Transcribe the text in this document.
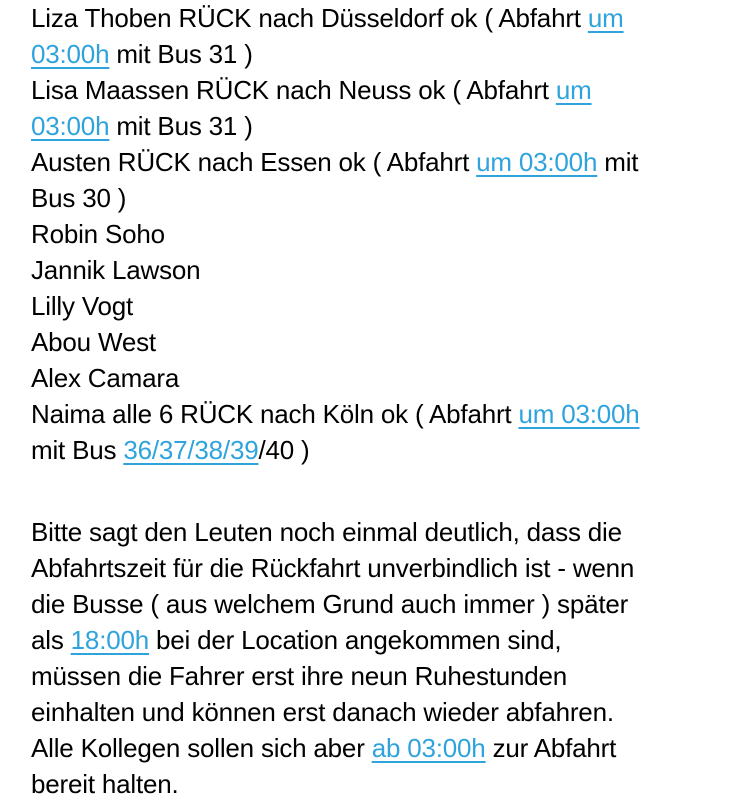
Liza Thoben RÜCK nach Düsseldorf ok ( Abfahrt um
03:00h mit Bus 31 )
Lisa Maassen RÜCK nach Neuss ok ( Abfahrt um
03:00h mit Bus 31 )
Austen RÜCK nach Essen ok ( Abfahrt um 03:00h mit
Bus 30 )
Robin Soho
Jannik Lawson
Lilly Vogt
Abou West
Alex Camara
Naima alle 6 RÜCK nach Köln ok ( Abfahrt um 03:00h
mit Bus 36/37/38/39/40 )
Bitte sagt den Leuten noch einmal deutlich, dass die
Abfahrtszeit für die Rückfahrt unverbindlich ist - wenn
die Busse ( aus welchem Grund auch immer ) später
als 18:00h bei der Location angekommen sind,
müssen die Fahrer erst ihre neun Ruhestunden
einhalten und können erst danach wieder abfahren.
Alle Kollegen sollen sich aber ab 03:00h zur Abfahrt
bereit halten.
